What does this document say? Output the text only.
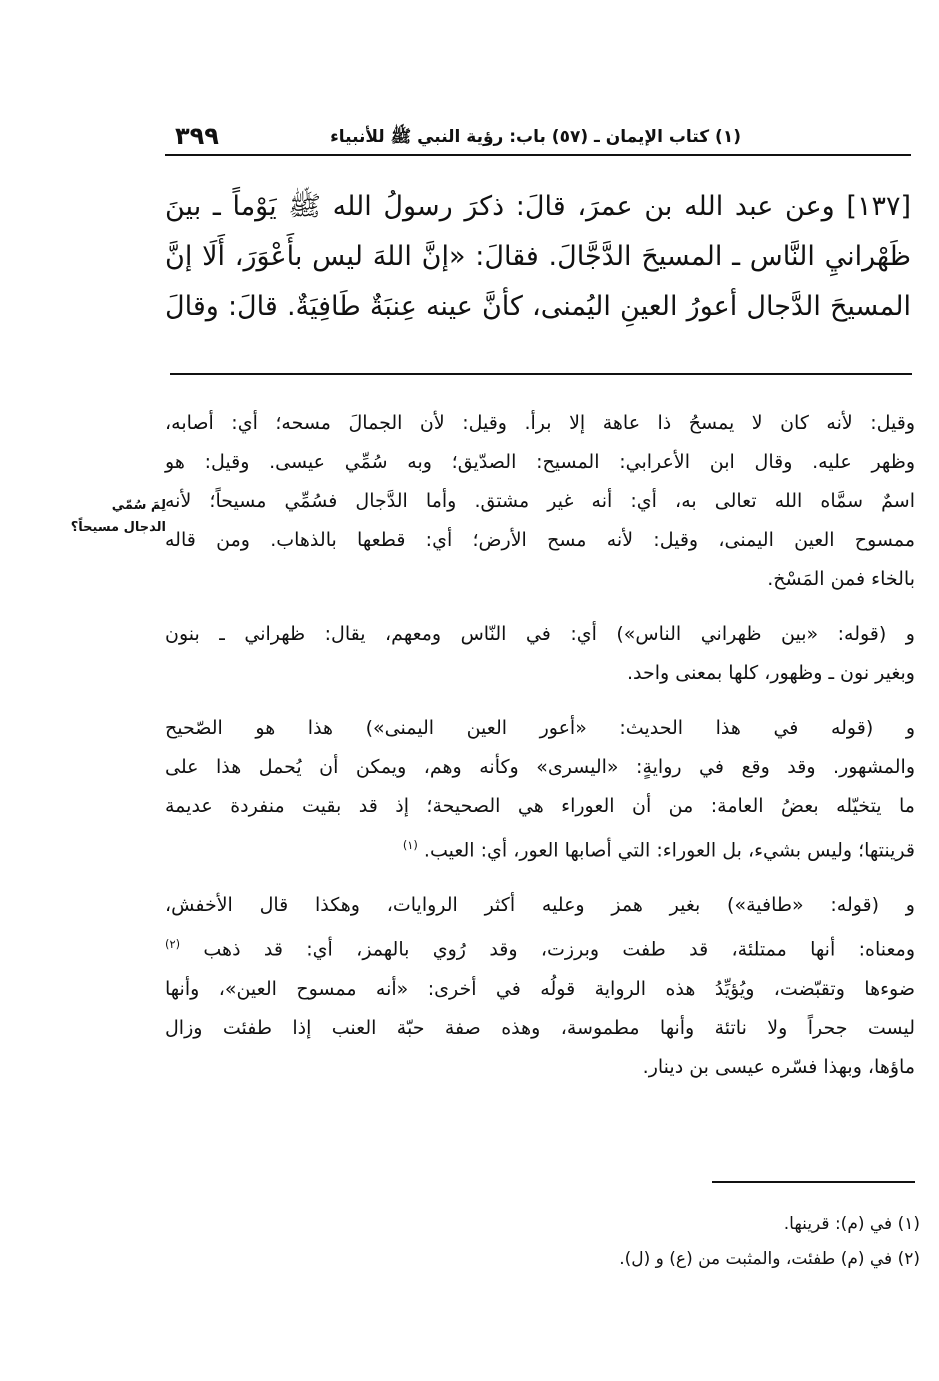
٣٩٩	(١) كتاب الإيمان ـ (٥٧) باب: رؤية النبي ﷺ للأنبياء
[١٣٧] وعن عبد الله بن عمرَ، قالَ: ذكرَ رسولُ الله ﷺ يَوْماً ـ بينَ
ظَهْرانيِ النَّاس ـ المسيحَ الدَّجَّالَ. فقالَ: «إنَّ اللهَ ليس بأَعْوَرَ، أَلَا إنَّ
المسيحَ الدَّجال أعورُ العينِ اليُمنى، كأنَّ عينه عِنبَةٌ طَافِيَةٌ. قالَ: وقالَ
وقيل: لأنه كان لا يمسحُ ذا عاهة إلا برأ. وقيل: لأن الجمالَ مسحه؛ أي: أصابه،
وظهر عليه. وقال ابن الأعرابي: المسيح: الصدّيق؛ وبه سُمِّي عيسى. وقيل: هو
اسمٌ سمَّاه الله تعالى به، أي: أنه غير مشتق. وأما الدَّجال فسُمِّي مسيحاً؛ لأنه
ممسوح العين اليمنى، وقيل: لأنه مسح الأرض؛ أي: قطعها بالذهاب. ومن قاله
بالخاء فمن المَسْخ.
و (قوله: «بين ظهراني الناس») أي: في النّاس ومعهم، يقال: ظهراني ـ بنون
وبغير نون ـ وظهور، كلها بمعنى واحد.
و (قوله في هذا الحديث: «أعور العين اليمنى») هذا هو الصّحيح
والمشهور. وقد وقع في روايةٍ: «اليسرى» وكأنه وهم، ويمكن أن يُحمل هذا على
ما يتخيّله بعضُ العامة: من أن العوراء هي الصحيحة؛ إذ قد بقيت منفردة عديمة
قرينتها؛ وليس بشيء، بل العوراء: التي أصابها العور، أي: العيب. $^{(١)}$
و (قوله: «طافية») بغير همز وعليه أكثر الروايات، وهكذا قال الأخفش،
ومعناه: أنها ممتلئة، قد طفت وبرزت، وقد رُوي بالهمز، أي: قد ذهب $^{(٢)}$
ضوءها وتقبّضت، ويُؤيِّدُ هذه الرواية قولُه في أخرى: «أنه ممسوح العين»، وأنها
ليست جحراً ولا ناتئة وأنها مطموسة، وهذه صفة حبّة العنب إذا طفئت وزال
ماؤها، وبهذا فسّره عيسى بن دينار.
لِمَ سُمّي
الدجال مسيحاً؟
(١) في (م): قرينها.
(٢) في (م) طفئت، والمثبت من (ع) و (ل).
